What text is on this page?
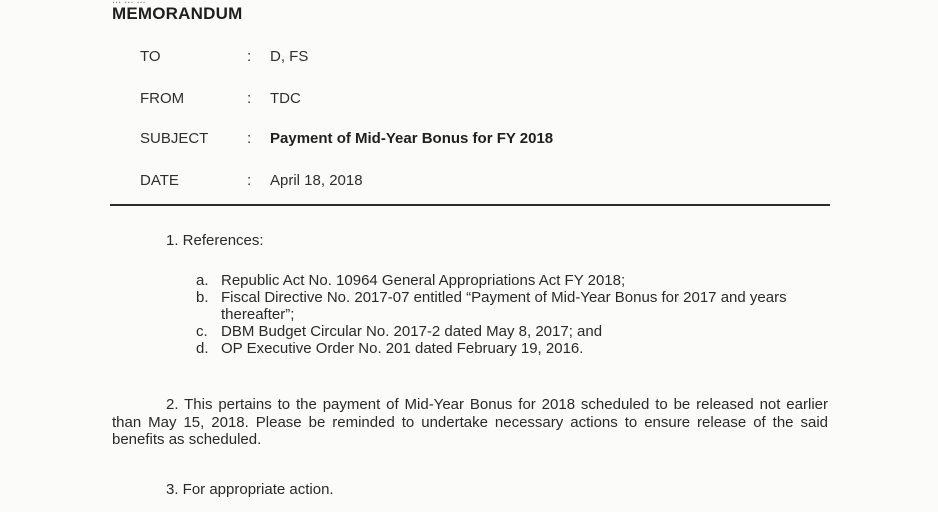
... ... ...
MEMORANDUM
TO	: D, FS
FROM	: TDC
SUBJECT	: Payment of Mid-Year Bonus for FY 2018
DATE	: April 18, 2018
1. References:
a. Republic Act No. 10964 General Appropriations Act FY 2018;
b. Fiscal Directive No. 2017-07 entitled “Payment of Mid-Year Bonus for 2017 and years thereafter”;
c. DBM Budget Circular No. 2017-2 dated May 8, 2017; and
d. OP Executive Order No. 201 dated February 19, 2016.
2. This pertains to the payment of Mid-Year Bonus for 2018 scheduled to be released not earlier than May 15, 2018. Please be reminded to undertake necessary actions to ensure release of the said benefits as scheduled.
3. For appropriate action.
